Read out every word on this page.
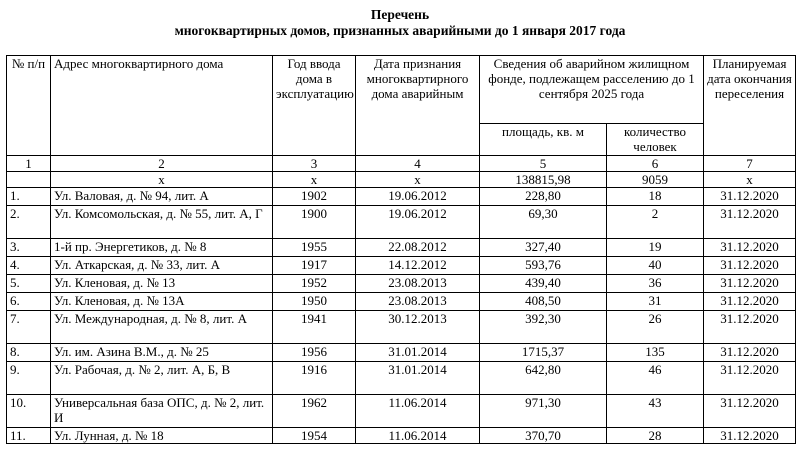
Перечень
многоквартирных домов, признанных аварийными до 1 января 2017 года
№ п/п	Адрес многоквартирного дома	Год ввода дома в эксплуатацию	Дата признания многоквартирного дома аварийным	Сведения об аварийном жилищном фонде, подлежащем расселению до 1 сентября 2025 года		Планируемая дата окончания переселения
				площадь, кв. м	количество человек	
1	2	3	4	5	6	7
	x	x	x	138815,98	9059	x
1.	Ул. Валовая, д. № 94, лит. А	1902	19.06.2012	228,80	18	31.12.2020
2.	Ул. Комсомольская, д. № 55, лит. А, Г	1900	19.06.2012	69,30	2	31.12.2020
3.	1-й пр. Энергетиков, д. № 8	1955	22.08.2012	327,40	19	31.12.2020
4.	Ул. Аткарская, д. № 33, лит. А	1917	14.12.2012	593,76	40	31.12.2020
5.	Ул. Кленовая, д. № 13	1952	23.08.2013	439,40	36	31.12.2020
6.	Ул. Кленовая, д. № 13А	1950	23.08.2013	408,50	31	31.12.2020
7.	Ул. Международная, д. № 8, лит. А	1941	30.12.2013	392,30	26	31.12.2020
8.	Ул. им. Азина В.М., д. № 25	1956	31.01.2014	1715,37	135	31.12.2020
9.	Ул. Рабочая, д. № 2, лит. А, Б, В	1916	31.01.2014	642,80	46	31.12.2020
10.	Универсальная база ОПС, д. № 2, лит. И	1962	11.06.2014	971,30	43	31.12.2020
11.	Ул. Лунная, д. № 18	1954	11.06.2014	370,70	28	31.12.2020
